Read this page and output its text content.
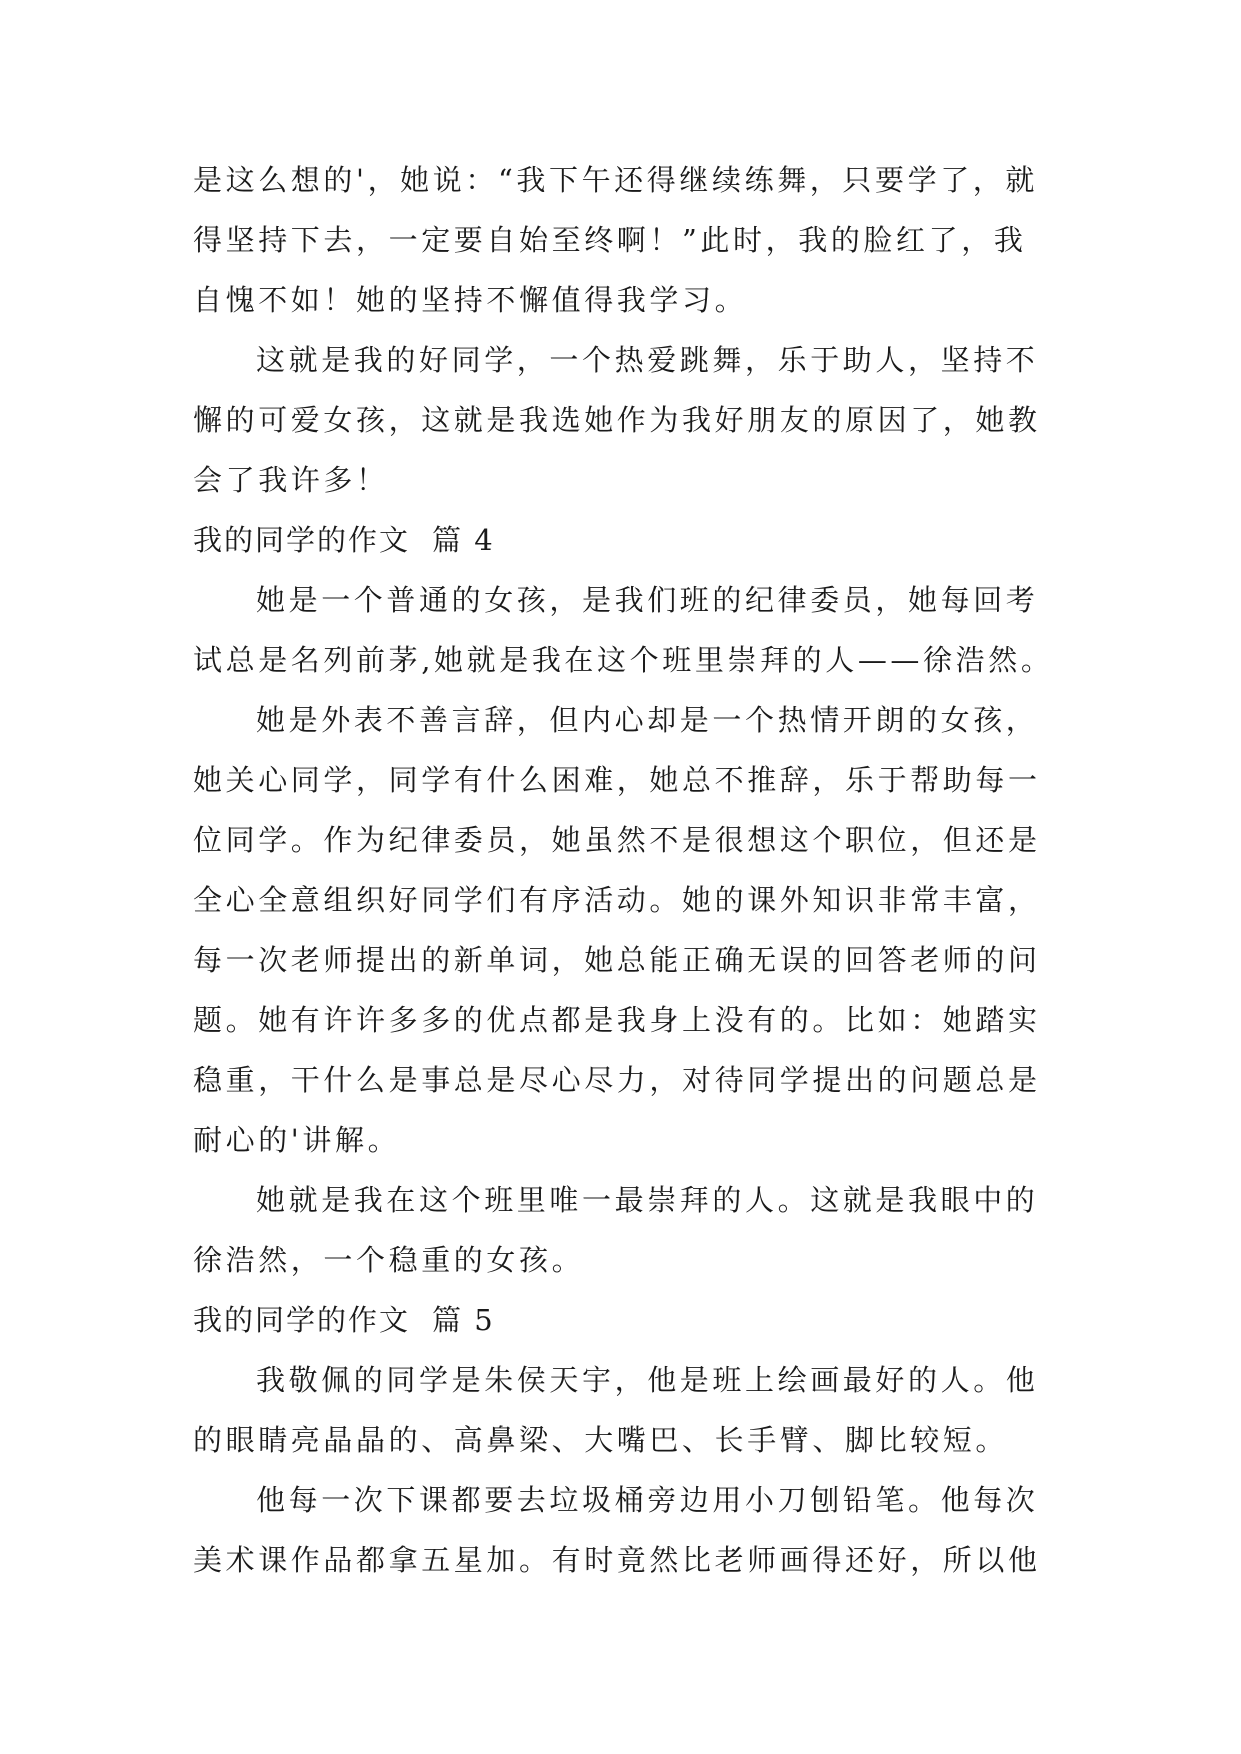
是这么想的'，她说：“我下午还得继续练舞，只要学了，就
得坚持下去，一定要自始至终啊！”此时，我的脸红了，我
自愧不如！她的坚持不懈值得我学习。
这就是我的好同学，一个热爱跳舞，乐于助人，坚持不
懈的可爱女孩，这就是我选她作为我好朋友的原因了，她教
会了我许多！
我的同学的作文 篇 4
她是一个普通的女孩，是我们班的纪律委员，她每回考
试总是名列前茅,她就是我在这个班里崇拜的人——徐浩然。
她是外表不善言辞，但内心却是一个热情开朗的女孩，
她关心同学，同学有什么困难，她总不推辞，乐于帮助每一
位同学。作为纪律委员，她虽然不是很想这个职位，但还是
全心全意组织好同学们有序活动。她的课外知识非常丰富，
每一次老师提出的新单词，她总能正确无误的回答老师的问
题。她有许许多多的优点都是我身上没有的。比如：她踏实
稳重，干什么是事总是尽心尽力，对待同学提出的问题总是
耐心的'讲解。
她就是我在这个班里唯一最崇拜的人。这就是我眼中的
徐浩然，一个稳重的女孩。
我的同学的作文 篇 5
我敬佩的同学是朱侯天宇，他是班上绘画最好的人。他
的眼睛亮晶晶的、高鼻梁、大嘴巴、长手臂、脚比较短。
他每一次下课都要去垃圾桶旁边用小刀刨铅笔。他每次
美术课作品都拿五星加。有时竟然比老师画得还好，所以他
